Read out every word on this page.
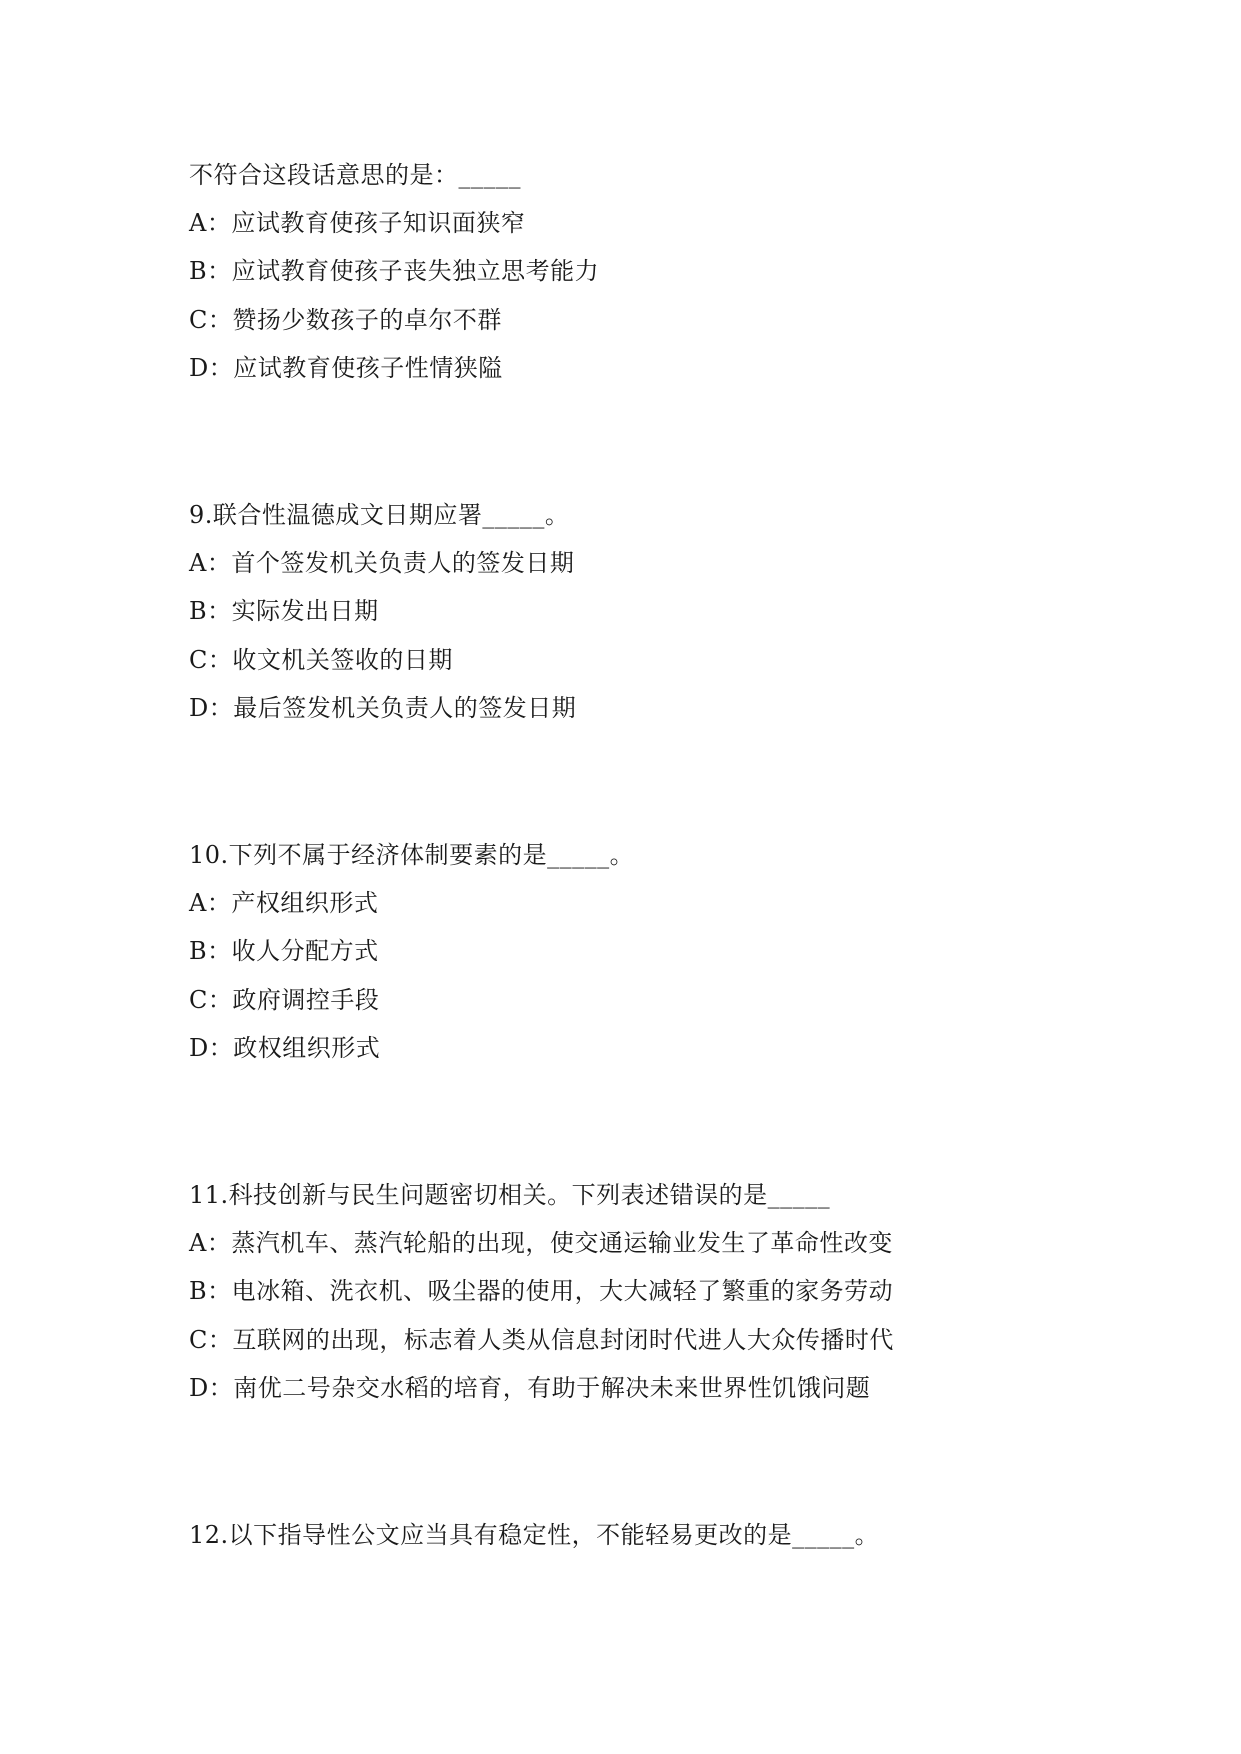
不符合这段话意思的是：_____
A：应试教育使孩子知识面狭窄
B：应试教育使孩子丧失独立思考能力
C：赞扬少数孩子的卓尔不群
D：应试教育使孩子性情狭隘
9.联合性温德成文日期应署_____。
A：首个签发机关负责人的签发日期
B：实际发出日期
C：收文机关签收的日期
D：最后签发机关负责人的签发日期
10.下列不属于经济体制要素的是_____。
A：产权组织形式
B：收人分配方式
C：政府调控手段
D：政权组织形式
11.科技创新与民生问题密切相关。下列表述错误的是_____
A：蒸汽机车、蒸汽轮船的出现，使交通运输业发生了革命性改变
B：电冰箱、洗衣机、吸尘器的使用，大大减轻了繁重的家务劳动
C：互联网的出现，标志着人类从信息封闭时代进人大众传播时代
D：南优二号杂交水稻的培育，有助于解决未来世界性饥饿问题
12.以下指导性公文应当具有稳定性，不能轻易更改的是_____。
